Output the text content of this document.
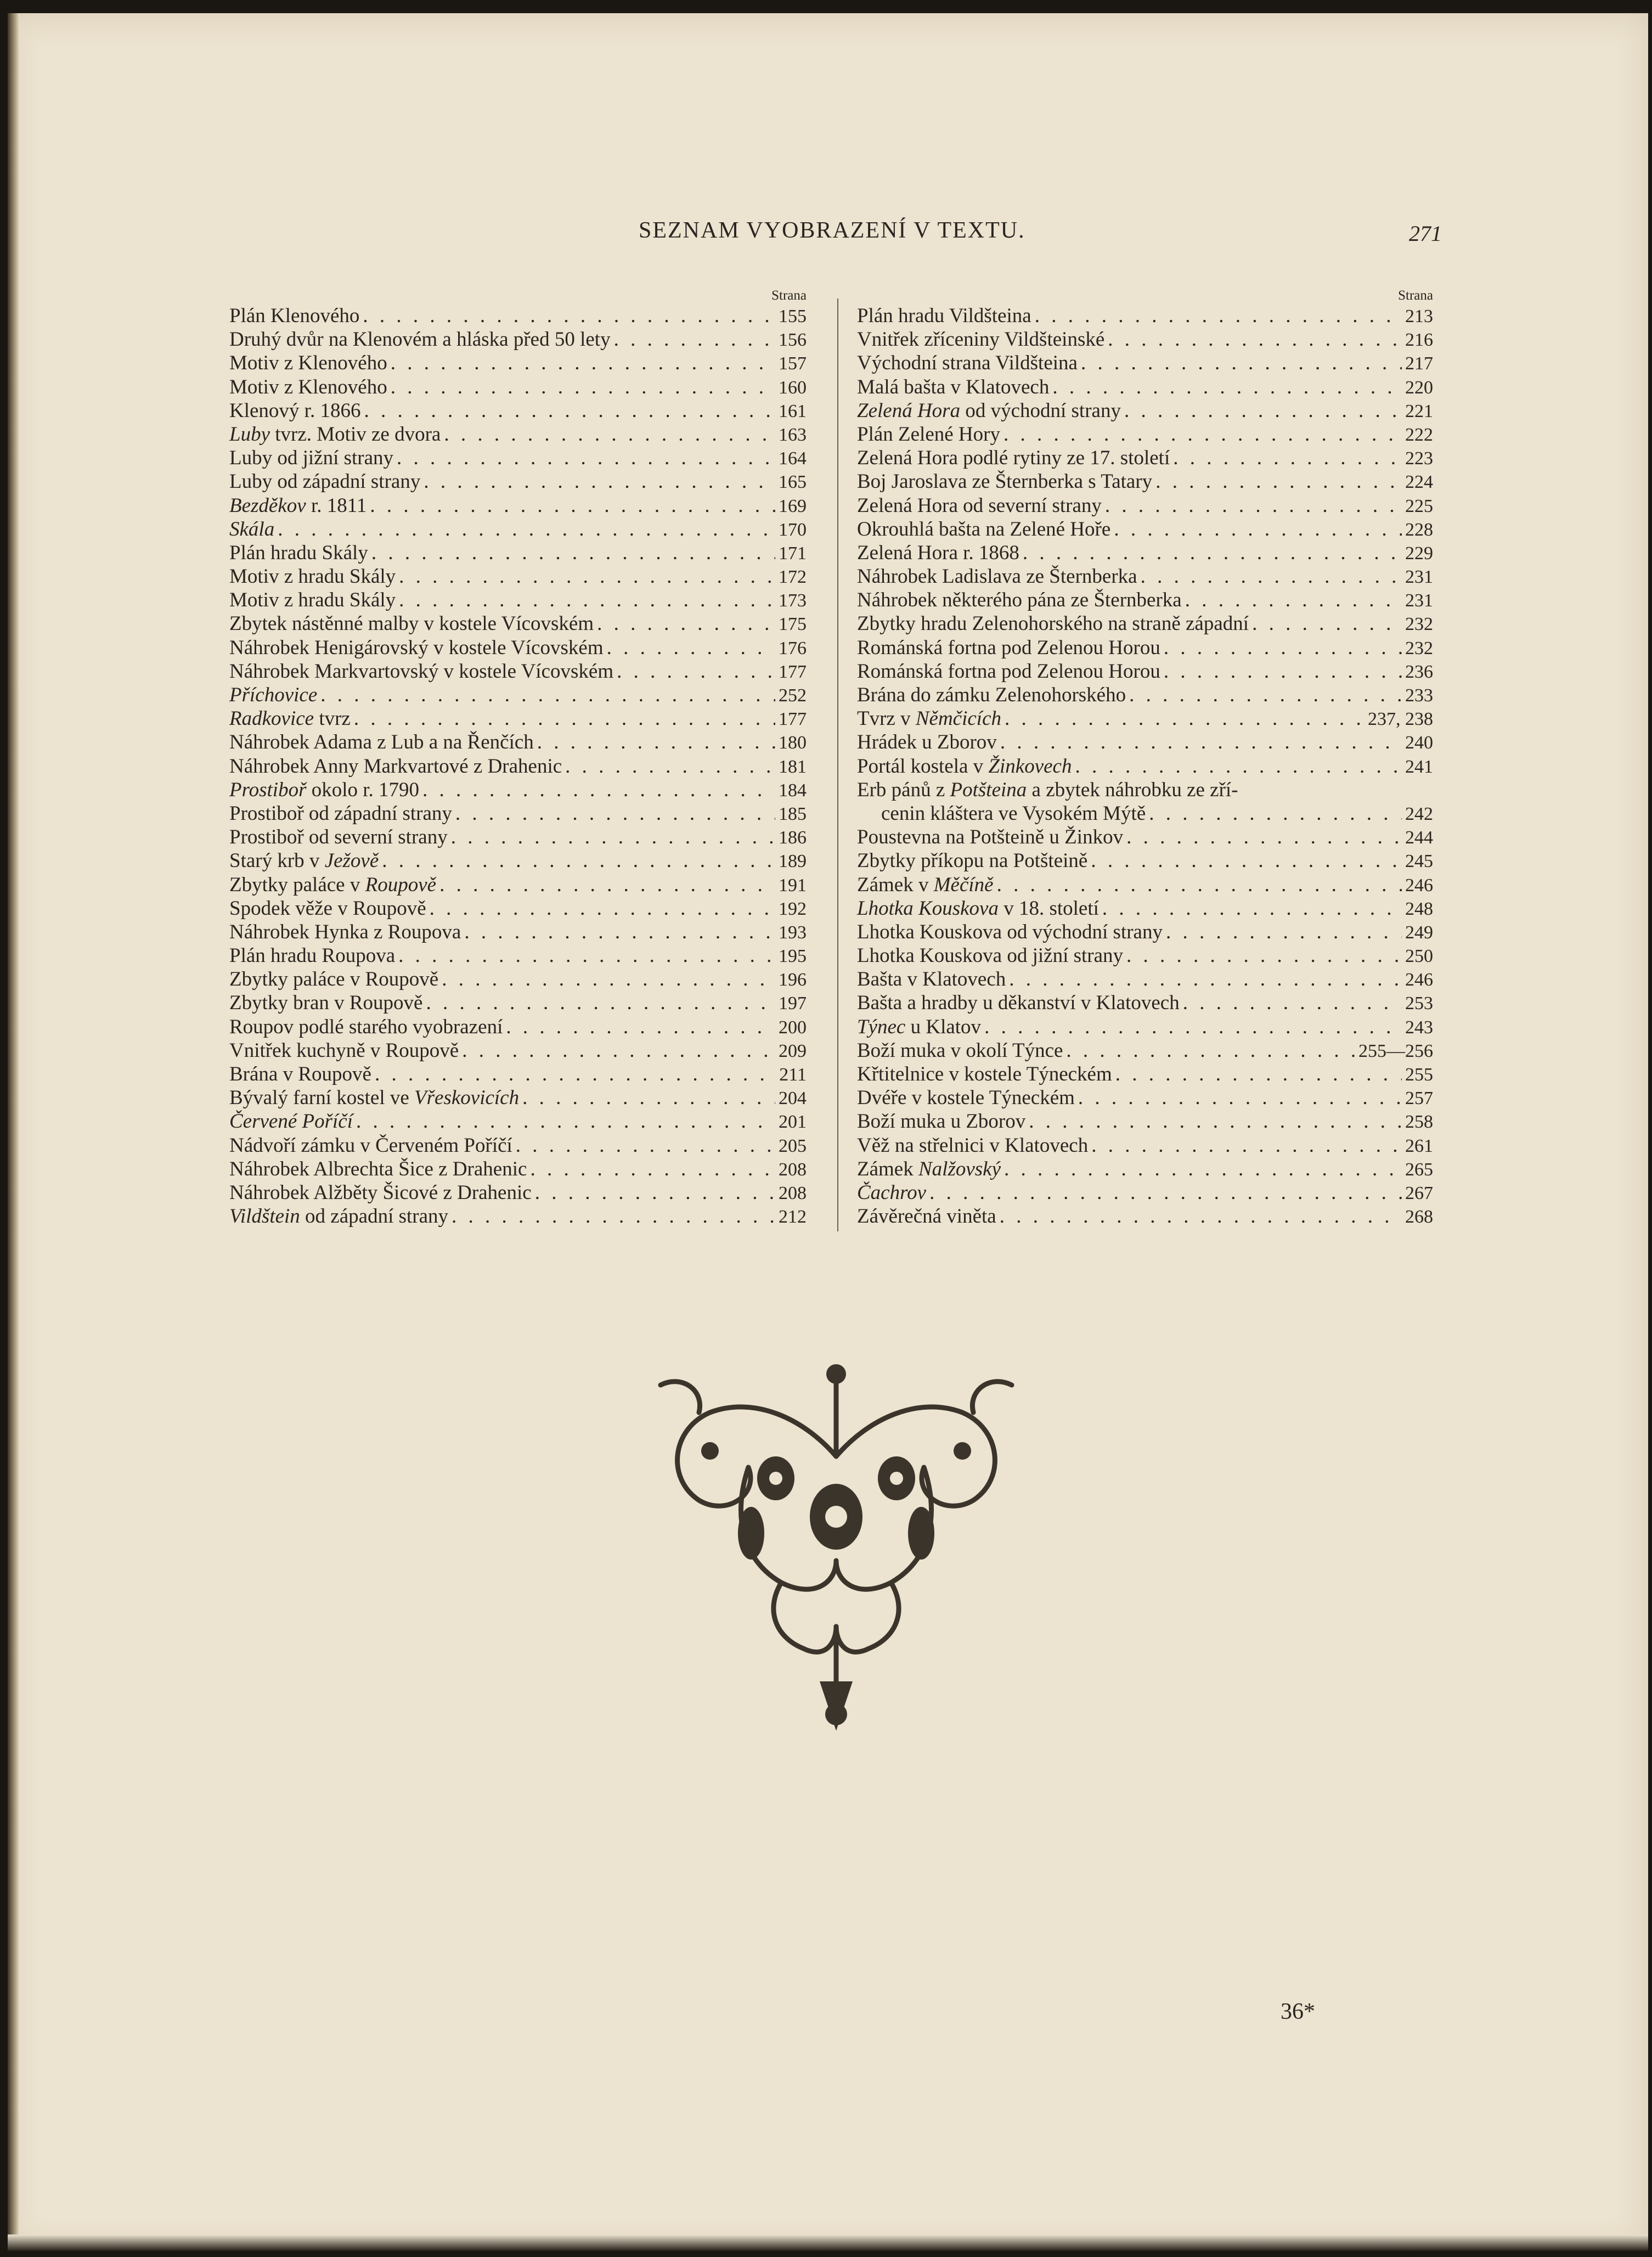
SEZNAM VYOBRAZENÍ V TEXTU.	271
Strana
Plán Klenového . . .	155
Druhý dvůr na Klenovém a hláska před 50 lety . . .	156
Motiv z Klenového . . .	157
Motiv z Klenového . . .	160
Klenový r. 1866 . . .	161
Luby tvrz. Motiv ze dvora . . .	163
Luby od jižní strany . . .	164
Luby od západní strany . . .	165
Bezděkov r. 1811 . . .	169
Skála . . .	170
Plán hradu Skály . . .	171
Motiv z hradu Skály . . .	172
Motiv z hradu Skály . . .	173
Zbytek nástěnné malby v kostele Vícovském . . .	175
Náhrobek Henigárovský v kostele Vícovském . . .	176
Náhrobek Markvartovský v kostele Vícovském . . .	177
Příchovice . . .	252
Radkovice tvrz . . .	177
Náhrobek Adama z Lub a na Řenčích . . .	180
Náhrobek Anny Markvartové z Drahenic . . .	181
Prostiboř okolo r. 1790 . . .	184
Prostiboř od západní strany . . .	185
Prostiboř od severní strany . . .	186
Starý krb v Ježově . . .	189
Zbytky paláce v Roupově . . .	191
Spodek věže v Roupově . . .	192
Náhrobek Hynka z Roupova . . .	193
Plán hradu Roupova . . .	195
Zbytky paláce v Roupově . . .	196
Zbytky bran v Roupově . . .	197
Roupov podlé starého vyobrazení . . .	200
Vnitřek kuchyně v Roupově . . .	209
Brána v Roupově . . .	211
Bývalý farní kostel ve Vřeskovicích . . .	204
Červené Poříčí . . .	201
Nádvoří zámku v Červeném Poříčí . . .	205
Náhrobek Albrechta Šice z Drahenic . . .	208
Náhrobek Alžběty Šicové z Drahenic . . .	208
Vildštein od západní strany . . .	212
Strana
Plán hradu Vildšteina . . .	213
Vnitřek zříceniny Vildšteinské . . .	216
Východní strana Vildšteina . . .	217
Malá bašta v Klatovech . . .	220
Zelená Hora od východní strany . . .	221
Plán Zelené Hory . . .	222
Zelená Hora podlé rytiny ze 17. století . . .	223
Boj Jaroslava ze Šternberka s Tatary . . .	224
Zelená Hora od severní strany . . .	225
Okrouhlá bašta na Zelené Hoře . . .	228
Zelená Hora r. 1868 . . .	229
Náhrobek Ladislava ze Šternberka . . .	231
Náhrobek některého pána ze Šternberka . . .	231
Zbytky hradu Zelenohorského na straně západní . . .	232
Románská fortna pod Zelenou Horou . . .	232
Románská fortna pod Zelenou Horou . . .	236
Brána do zámku Zelenohorského . . .	233
Tvrz v Němčicích . . .	237, 238
Hrádek u Zborov . . .	240
Portál kostela v Žinkovech . . .	241
Erb pánů z Potšteina a zbytek náhrobku ze zří-
cenin kláštera ve Vysokém Mýtě . . .	242
Poustevna na Potšteině u Žinkov . . .	244
Zbytky příkopu na Potšteině . . .	245
Zámek v Měčíně . . .	246
Lhotka Kouskova v 18. století . . .	248
Lhotka Kouskova od východní strany . . .	249
Lhotka Kouskova od jižní strany . . .	250
Bašta v Klatovech . . .	246
Bašta a hradby u děkanství v Klatovech . . .	253
Týnec u Klatov . . .	243
Boží muka v okolí Týnce . . .	255—256
Křtitelnice v kostele Týneckém . . .	255
Dvéře v kostele Týneckém . . .	257
Boží muka u Zborov . . .	258
Věž na střelnici v Klatovech . . .	261
Zámek Nalžovský . . .	265
Čachrov . . .	267
Závěrečná viněta . . .	268
36*
